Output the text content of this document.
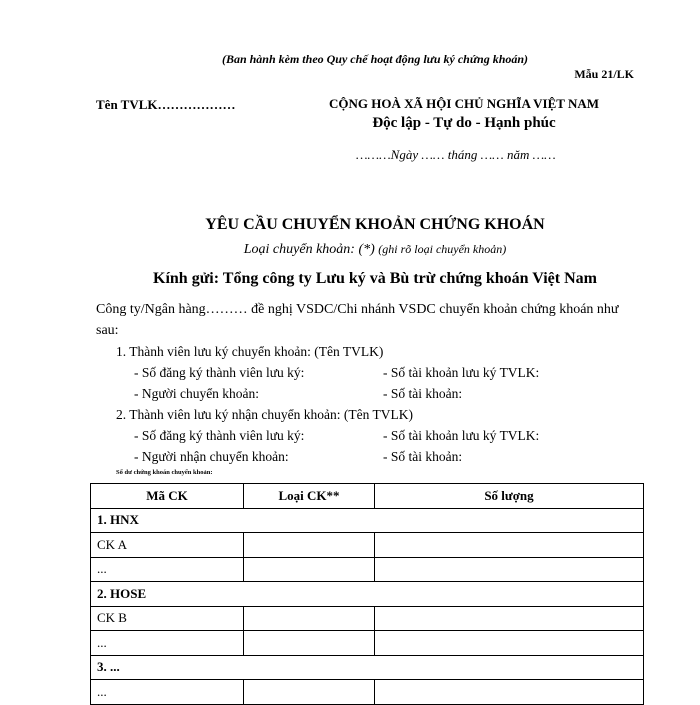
(Ban hành kèm theo Quy chế hoạt động lưu ký chứng khoán)
Mẫu 21/LK
Tên TVLK………………	CỘNG HOÀ XÃ HỘI CHỦ NGHĨA VIỆT NAM
Độc lập - Tự do - Hạnh phúc
………Ngày …… tháng …… năm ……
YÊU CẦU CHUYỂN KHOẢN CHỨNG KHOÁN
Loại chuyển khoản: (*) (ghi rõ loại chuyển khoản)
Kính gửi: Tổng công ty Lưu ký và Bù trừ chứng khoán Việt Nam
Công ty/Ngân hàng……… đề nghị VSDC/Chi nhánh VSDC chuyển khoản chứng khoán như sau:
1. Thành viên lưu ký chuyển khoản: (Tên TVLK)
- Số đăng ký thành viên lưu ký:	- Số tài khoản lưu ký TVLK:
- Người chuyển khoản:	- Số tài khoản:
2. Thành viên lưu ký nhận chuyển khoản: (Tên TVLK)
- Số đăng ký thành viên lưu ký:	- Số tài khoản lưu ký TVLK:
- Người nhận chuyển khoản:	- Số tài khoản:
Số dư chứng khoán chuyển khoản:
Mã CK	Loại CK**	Số lượng
1. HNX		
CK A		
...		
2. HOSE		
CK B		
...		
3. ...		
...		
